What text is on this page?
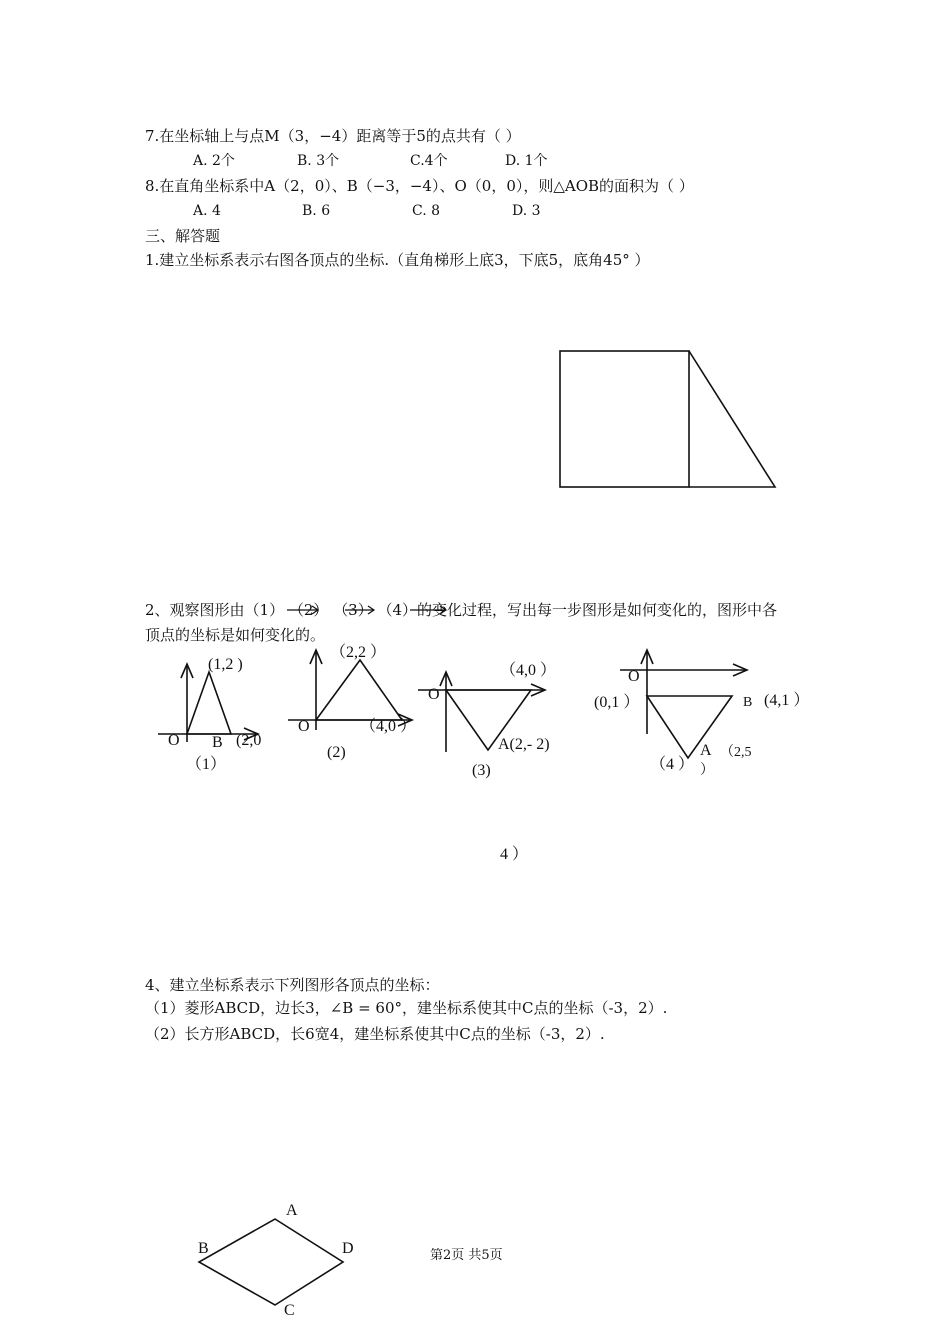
7.在坐标轴上与点M（3，−4）距离等于5的点共有（ ）
A. 2个	B. 3个	C.4个	D. 1个
8.在直角坐标系中A（2，0）、B（−3，−4）、O（0，0），则△AOB的面积为（ ）
A. 4	B. 6	C. 8	D. 3
三、解答题
1.建立坐标系表示右图各顶点的坐标.（直角梯形上底3，下底5，底角45° ）
2、观察图形由（1） （2） （3） （4）的变化过程，写出每一步图形是如何变化的，图形中各
顶点的坐标是如何变化的。
(1,2 )
O B (2,0
（1）
（2,2 ）
O	（4,0 ）
(2)
（4,0 ）
O
A(2,- 2)
(3)
O
(0,1 ）	B (4,1 ）
A （2,5
）
（4 ）
4 ）
4、建立坐标系表示下列图形各顶点的坐标：
（1）菱形ABCD，边长3，∠B = 60°，建坐标系使其中C点的坐标（-3，2）.
（2）长方形ABCD，长6宽4，建坐标系使其中C点的坐标（-3，2）.
A
B	D
C
第2页 共5页
